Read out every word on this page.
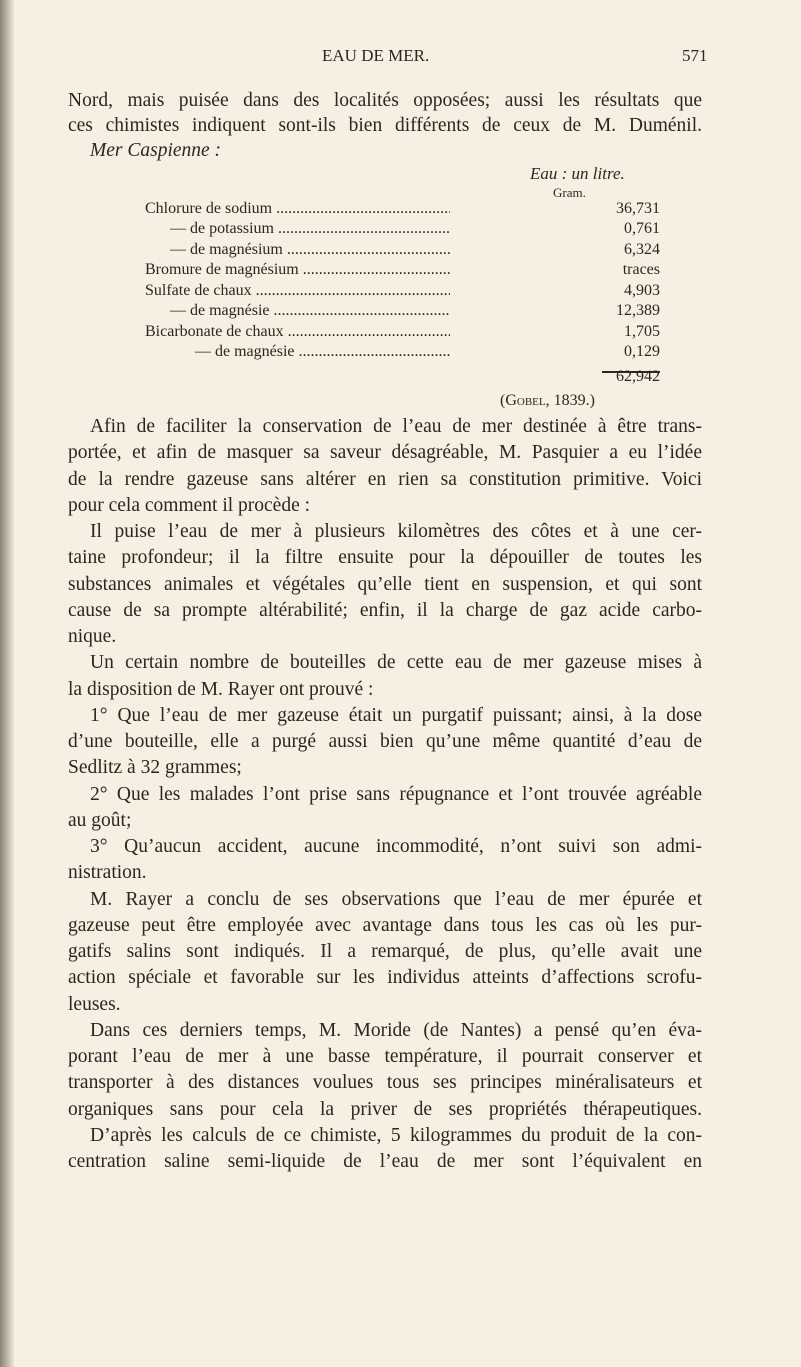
EAU DE MER.	571
Nord, mais puisée dans des localités opposées; aussi les résultats que
ces chimistes indiquent sont-ils bien différents de ceux de M. Duménil.
Mer Caspienne :
Eau : un litre.
Gram.
Chlorure de sodium .....	36,731
— de potassium .....	0,761
— de magnésium .....	6,324
Bromure de magnésium .....	traces
Sulfate de chaux .....	4,903
— de magnésie .....	12,389
Bicarbonate de chaux .....	1,705
— de magnésie .....	0,129
62,942
(Gobel, 1839.)
Afin de faciliter la conservation de l’eau de mer destinée à être trans-
portée, et afin de masquer sa saveur désagréable, M. Pasquier a eu l’idée
de la rendre gazeuse sans altérer en rien sa constitution primitive. Voici
pour cela comment il procède :
Il puise l’eau de mer à plusieurs kilomètres des côtes et à une cer-
taine profondeur; il la filtre ensuite pour la dépouiller de toutes les
substances animales et végétales qu’elle tient en suspension, et qui sont
cause de sa prompte altérabilité; enfin, il la charge de gaz acide carbo-
nique.
Un certain nombre de bouteilles de cette eau de mer gazeuse mises à
la disposition de M. Rayer ont prouvé :
1° Que l’eau de mer gazeuse était un purgatif puissant; ainsi, à la dose
d’une bouteille, elle a purgé aussi bien qu’une même quantité d’eau de
Sedlitz à 32 grammes;
2° Que les malades l’ont prise sans répugnance et l’ont trouvée agréable
au goût;
3° Qu’aucun accident, aucune incommodité, n’ont suivi son admi-
nistration.
M. Rayer a conclu de ses observations que l’eau de mer épurée et
gazeuse peut être employée avec avantage dans tous les cas où les pur-
gatifs salins sont indiqués. Il a remarqué, de plus, qu’elle avait une
action spéciale et favorable sur les individus atteints d’affections scrofu-
leuses.
Dans ces derniers temps, M. Moride (de Nantes) a pensé qu’en éva-
porant l’eau de mer à une basse température, il pourrait conserver et
transporter à des distances voulues tous ses principes minéralisateurs et
organiques sans pour cela la priver de ses propriétés thérapeutiques.
D’après les calculs de ce chimiste, 5 kilogrammes du produit de la con-
centration saline semi-liquide de l’eau de mer sont l’équivalent en
